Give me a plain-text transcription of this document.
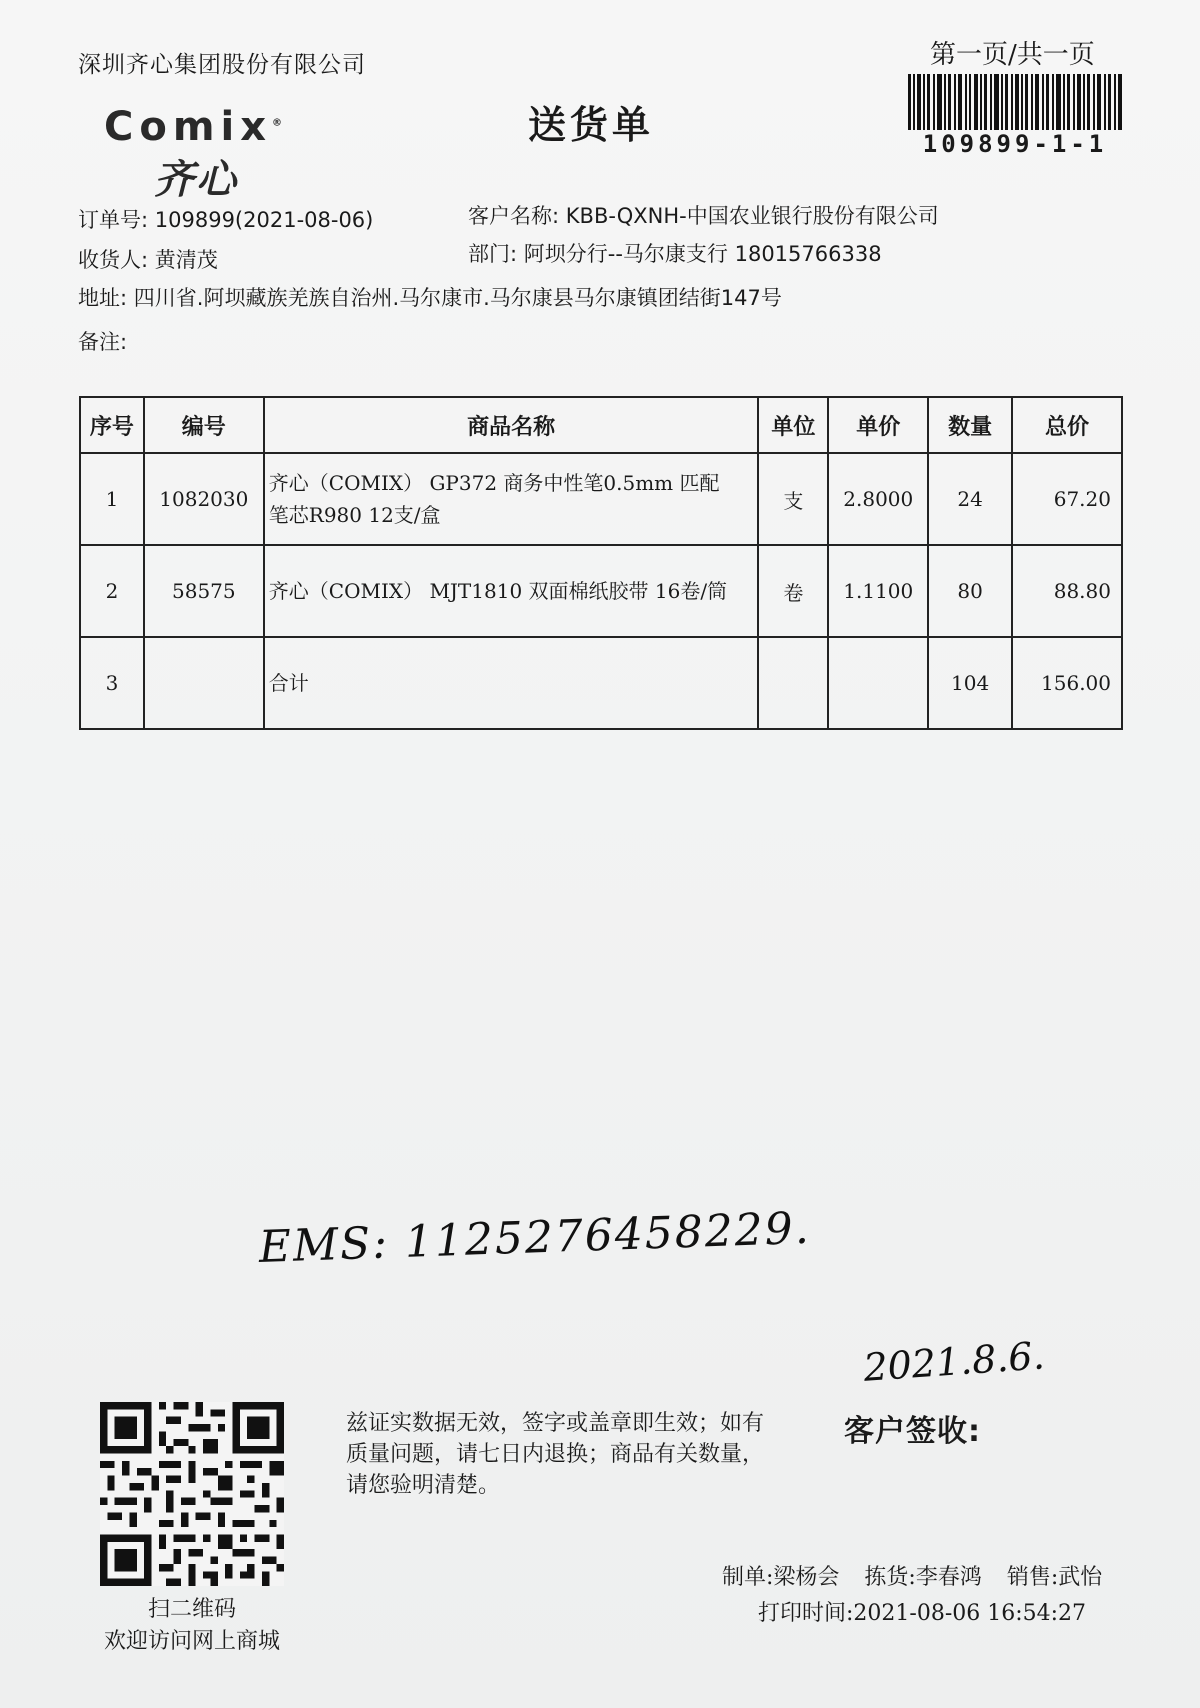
深圳齐心集团股份有限公司	第一页/共一页
109899-1-1
Comix®
齐心
送货单
订单号: 109899(2021-08-06)	客户名称: KBB-QXNH-中国农业银行股份有限公司
收货人: 黄清茂	部门: 阿坝分行--马尔康支行 18015766338
地址: 四川省.阿坝藏族羌族自治州.马尔康市.马尔康县马尔康镇团结街147号
备注:
序号	编号	商品名称	单位	单价	数量	总价
1	1082030	齐心（COMIX） GP372 商务中性笔0.5mm 匹配
笔芯R980 12支/盒	支	2.8000	24	67.20
2	58575	齐心（COMIX） MJT1810 双面棉纸胶带 16卷/筒	卷	1.1100	80	88.80
3		合计			104	156.00
EMS: 1125276458229.
2021.8.6.
兹证实数据无效，签字或盖章即生效；如有质量问题，请七日内退换；商品有关数量，请您验明清楚。
客户签收:
扫二维码
欢迎访问网上商城
制单:梁杨会 拣货:李春鸿 销售:武怡
打印时间:2021-08-06 16:54:27
